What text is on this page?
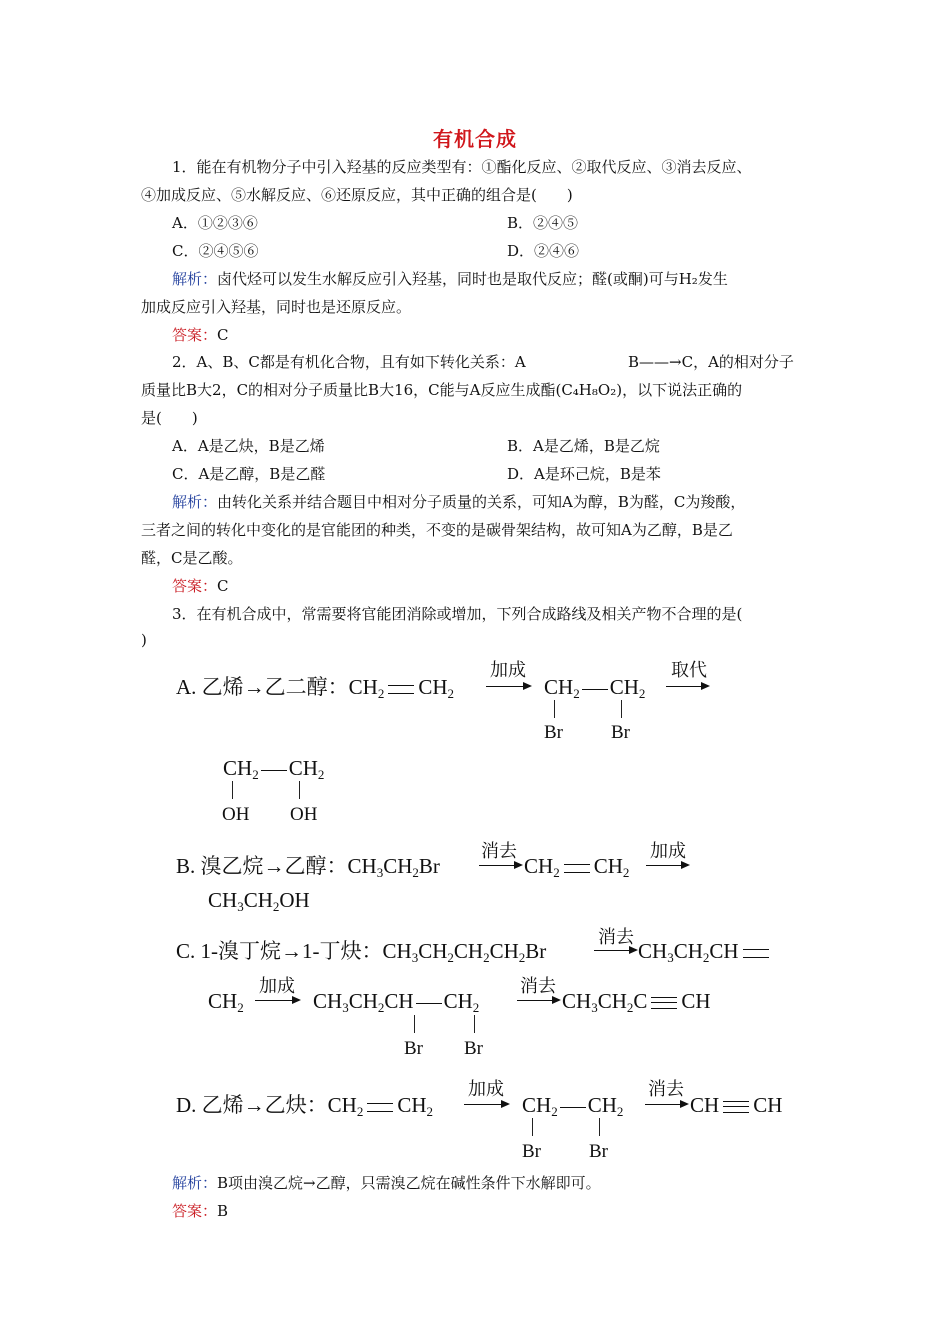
有机合成
1．能在有机物分子中引入羟基的反应类型有：①酯化反应、②取代反应、③消去反应、
④加成反应、⑤水解反应、⑥还原反应，其中正确的组合是(　　)
A．①②③⑥	B．②④⑤
C．②④⑤⑥	D．②④⑥
解析：卤代烃可以发生水解反应引入羟基，同时也是取代反应；醛(或酮)可与H₂发生
加成反应引入羟基，同时也是还原反应。
答案：C
2．A、B、C都是有机化合物，且有如下转化关系：A	B——→C，A的相对分子
质量比B大2，C的相对分子质量比B大16，C能与A反应生成酯(C₄H₈O₂)，以下说法正确的
是(　　)
A．A是乙炔，B是乙烯	B．A是乙烯，B是乙烷
C．A是乙醇，B是乙醛	D．A是环己烷，B是苯
解析：由转化关系并结合题目中相对分子质量的关系，可知A为醇，B为醛，C为羧酸，
三者之间的转化中变化的是官能团的种类，不变的是碳骨架结构，故可知A为乙醇，B是乙
醛，C是乙酸。
答案：C
3．在有机合成中，常需要将官能团消除或增加，下列合成路线及相关产物不合理的是(
)
A. 乙烯→乙二醇：$CH_2$ $CH_2$
加成
→ $CH_2$ $CH_2$
Br	Br
取代
$CH_2$ $CH_2$
OH OH
B. 溴乙烷→乙醇：$CH_3CH_2Br$
消去
→ $CH_2$ $CH_2$
加成
$CH_3CH_2OH$
C. 1-溴丁烷→1-丁炔：$CH_3CH_2CH_2CH_2Br$
消去
→ $CH_3CH_2CH$
$CH_2$
加成
→ $CH_3CH_2CH$ $CH_2$
Br Br
消去
→ $CH_3CH_2C$ CH
D. 乙烯→乙炔：$CH_2$ $CH_2$
加成
→ $CH_2$ $CH_2$
Br	Br
消去
→ CH CH
解析：B项由溴乙烷→乙醇，只需溴乙烷在碱性条件下水解即可。
答案：B
